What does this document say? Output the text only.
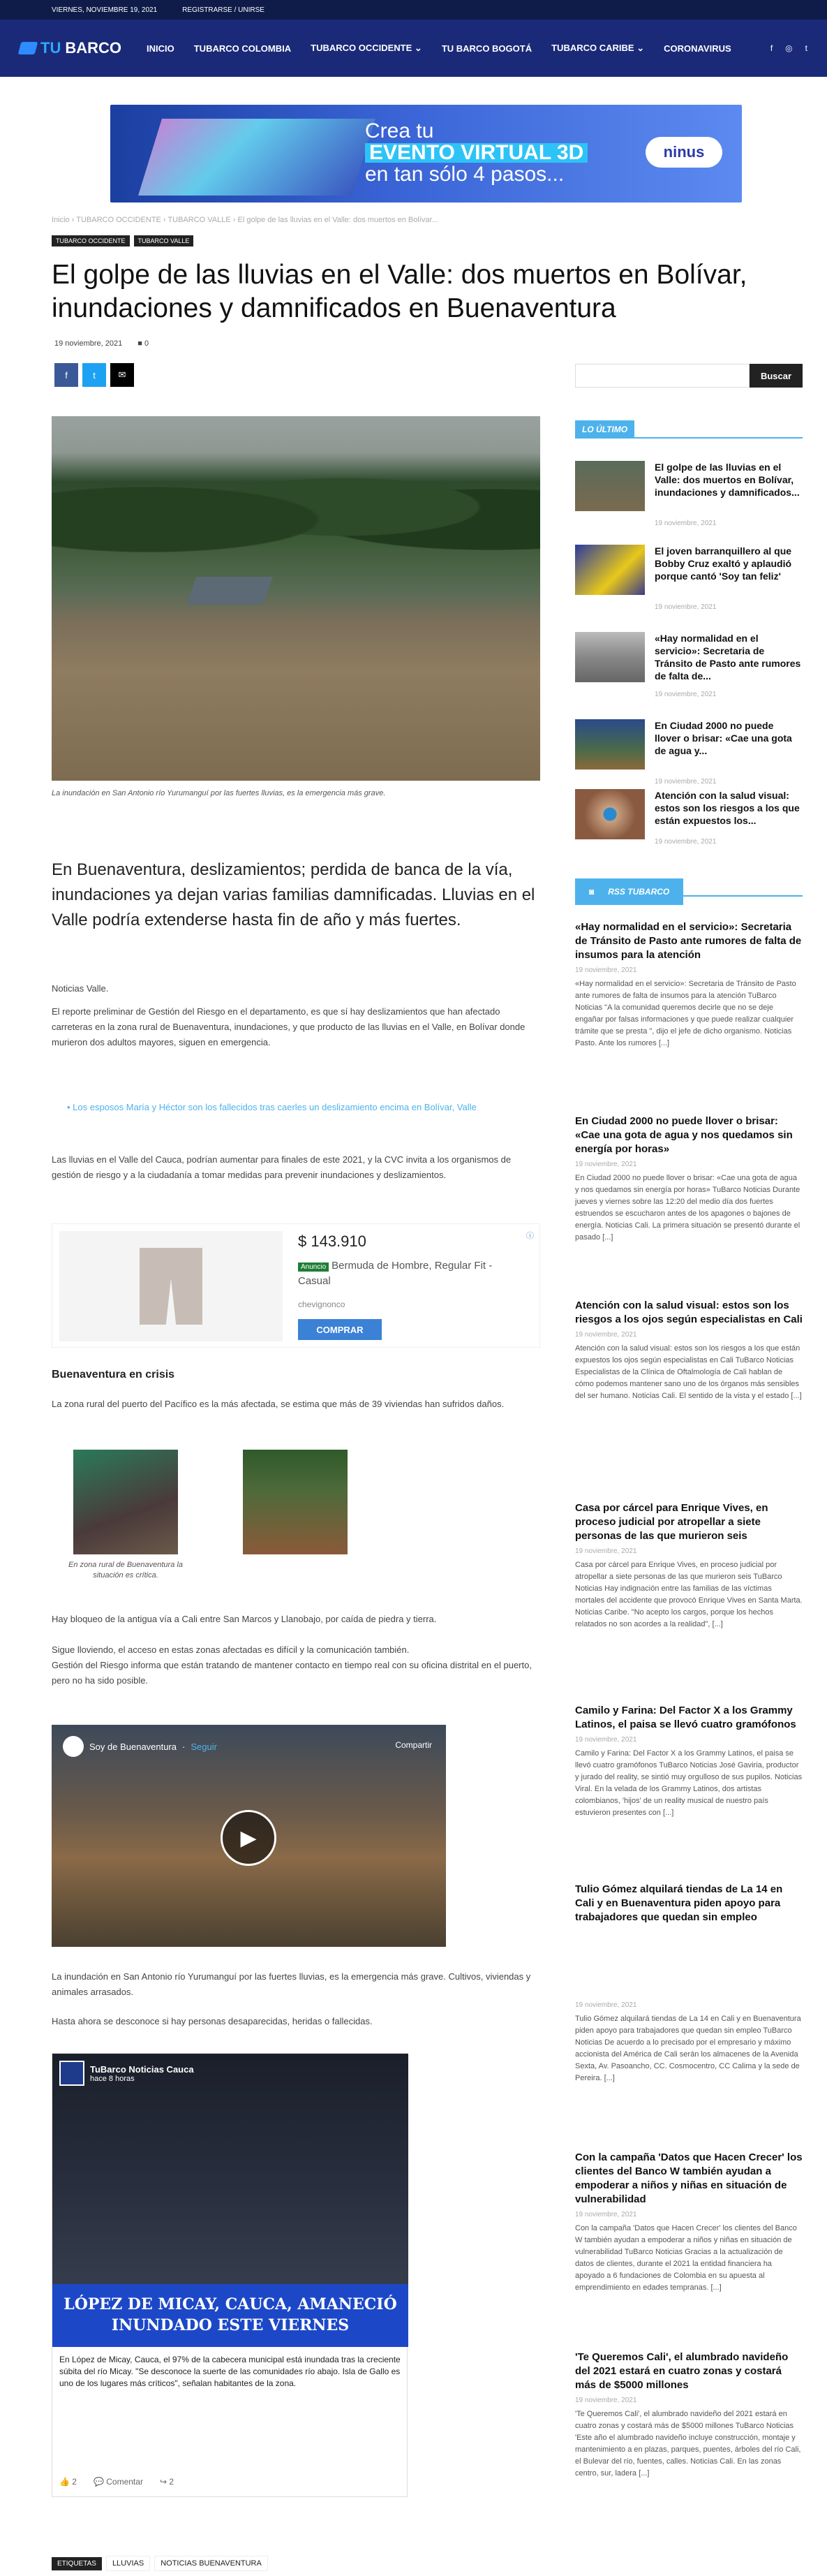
VIERNES, NOVIEMBRE 19, 2021	REGISTRARSE / UNIRSE
TU BARCO	INICIO	TUBARCO COLOMBIA	TUBARCO OCCIDENTE ⌄	TU BARCO BOGOTÁ	TUBARCO CARIBE ⌄	CORONAVIRUS	f ◎ t
Crea tu
EVENTO VIRTUAL 3D
en tan sólo 4 pasos...
ninus
Inicio › TUBARCO OCCIDENTE › TUBARCO VALLE › El golpe de las lluvias en el Valle: dos muertos en Bolívar...
TUBARCO OCCIDENTE	TUBARCO VALLE
El golpe de las lluvias en el Valle: dos muertos en Bolívar, inundaciones y damnificados en Buenaventura
19 noviembre, 2021 ■ 0
f	t	✉
La inundación en San Antonio río Yurumanguí por las fuertes lluvias, es la emergencia más grave.
En Buenaventura, deslizamientos; perdida de banca de la vía, inundaciones ya dejan varias familias damnificadas. Lluvias en el Valle podría extenderse hasta fin de año y más fuertes.
Noticias Valle.
El reporte preliminar de Gestión del Riesgo en el departamento, es que sí hay deslizamientos que han afectado carreteras en la zona rural de Buenaventura, inundaciones, y que producto de las lluvias en el Valle, en Bolívar donde murieron dos adultos mayores, siguen en emergencia.
• Los esposos María y Héctor son los fallecidos tras caerles un deslizamiento encima en Bolívar, Valle
Las lluvias en el Valle del Cauca, podrían aumentar para finales de este 2021, y la CVC invita a los organismos de gestión de riesgo y a la ciudadanía a tomar medidas para prevenir inundaciones y deslizamientos.
$ 143.910
Anuncio Bermuda de Hombre, Regular Fit - Casual
chevignonco
COMPRAR
ⓘ
Buenaventura en crisis
La zona rural del puerto del Pacífico es la más afectada, se estima que más de 39 viviendas han sufridos daños.
En zona rural de Buenaventura la situación es crítica.
Hay bloqueo de la antigua vía a Cali entre San Marcos y Llanobajo, por caída de piedra y tierra.
Sigue lloviendo, el acceso en estas zonas afectadas es difícil y la comunicación también.
Gestión del Riesgo informa que están tratando de mantener contacto en tiempo real con su oficina distrital en el puerto, pero no ha sido posible.
Soy de Buenaventura · Seguir	Compartir
▶
La inundación en San Antonio río Yurumanguí por las fuertes lluvias, es la emergencia más grave. Cultivos, viviendas y animales arrasados.
Hasta ahora se desconoce si hay personas desaparecidas, heridas o fallecidas.
TuBarco Noticias Cauca
hace 8 horas
LÓPEZ DE MICAY, CAUCA, AMANECIÓ INUNDADO ESTE VIERNES
En López de Micay, Cauca, el 97% de la cabecera municipal está inundada tras la creciente súbita del río Micay. "Se desconoce la suerte de las comunidades río abajo. Isla de Gallo es uno de los lugares más críticos", señalan habitantes de la zona.
👍 2 💬 Comentar ↪ 2
ETIQUETAS	LLUVIAS	NOTICIAS BUENAVENTURA
Buscar
LO ÚLTIMO
El golpe de las lluvias en el Valle: dos muertos en Bolívar, inundaciones y damnificados...
19 noviembre, 2021
El joven barranquillero al que Bobby Cruz exaltó y aplaudió porque cantó 'Soy tan feliz'
19 noviembre, 2021
«Hay normalidad en el servicio»: Secretaria de Tránsito de Pasto ante rumores de falta de...
19 noviembre, 2021
En Ciudad 2000 no puede llover o brisar: «Cae una gota de agua y...
19 noviembre, 2021
Atención con la salud visual: estos son los riesgos a los que están expuestos los...
19 noviembre, 2021
◙RSS TUBARCO
«Hay normalidad en el servicio»: Secretaria de Tránsito de Pasto ante rumores de falta de insumos para la atención
19 noviembre, 2021
«Hay normalidad en el servicio»: Secretaria de Tránsito de Pasto ante rumores de falta de insumos para la atención TuBarco Noticias "A la comunidad queremos decirle que no se deje engañar por falsas informaciones y que puede realizar cualquier trámite que se presta ", dijo el jefe de dicho organismo. Noticias Pasto. Ante los rumores [...]
En Ciudad 2000 no puede llover o brisar: «Cae una gota de agua y nos quedamos sin energía por horas»
19 noviembre, 2021
En Ciudad 2000 no puede llover o brisar: «Cae una gota de agua y nos quedamos sin energía por horas» TuBarco Noticias Durante jueves y viernes sobre las 12:20 del medio día dos fuertes estruendos se escucharon antes de los apagones o bajones de energía. Noticias Cali. La primera situación se presentó durante el pasado [...]
Atención con la salud visual: estos son los riesgos a los ojos según especialistas en Cali
19 noviembre, 2021
Atención con la salud visual: estos son los riesgos a los que están expuestos los ojos según especialistas en Cali TuBarco Noticias Especialistas de la Clínica de Oftalmología de Cali hablan de cómo podemos mantener sano uno de los órganos más sensibles del ser humano. Noticias Cali. El sentido de la vista y el estado [...]
Casa por cárcel para Enrique Vives, en proceso judicial por atropellar a siete personas de las que murieron seis
19 noviembre, 2021
Casa por cárcel para Enrique Vives, en proceso judicial por atropellar a siete personas de las que murieron seis TuBarco Noticias Hay indignación entre las familias de las víctimas mortales del accidente que provocó Enrique Vives en Santa Marta. Noticias Caribe. "No acepto los cargos, porque los hechos relatados no son acordes a la realidad", [...]
Camilo y Farina: Del Factor X a los Grammy Latinos, el paisa se llevó cuatro gramófonos
19 noviembre, 2021
Camilo y Farina: Del Factor X a los Grammy Latinos, el paisa se llevó cuatro gramófonos TuBarco Noticias José Gaviria, productor y jurado del reality, se sintió muy orgulloso de sus pupilos. Noticias Viral. En la velada de los Grammy Latinos, dos artistas colombianos, 'hijos' de un reality musical de nuestro país estuvieron presentes con [...]
Tulio Gómez alquilará tiendas de La 14 en Cali y en Buenaventura piden apoyo para trabajadores que quedan sin empleo
19 noviembre, 2021
Tulio Gómez alquilará tiendas de La 14 en Cali y en Buenaventura piden apoyo para trabajadores que quedan sin empleo TuBarco Noticias De acuerdo a lo precisado por el empresario y máximo accionista del América de Cali serán los almacenes de la Avenida Sexta, Av. Pasoancho, CC. Cosmocentro, CC Calima y la sede de Pereira. [...]
Con la campaña 'Datos que Hacen Crecer' los clientes del Banco W también ayudan a empoderar a niños y niñas en situación de vulnerabilidad
19 noviembre, 2021
Con la campaña 'Datos que Hacen Crecer' los clientes del Banco W también ayudan a empoderar a niños y niñas en situación de vulnerabilidad TuBarco Noticias Gracias a la actualización de datos de clientes, durante el 2021 la entidad financiera ha apoyado a 6 fundaciones de Colombia en su apuesta al emprendimiento en edades tempranas. [...]
'Te Queremos Cali', el alumbrado navideño del 2021 estará en cuatro zonas y costará más de $5000 millones
19 noviembre, 2021
'Te Queremos Cali', el alumbrado navideño del 2021 estará en cuatro zonas y costará más de $5000 millones TuBarco Noticias 'Este año el alumbrado navideño incluye construcción, montaje y mantenimiento a en plazas, parques, puentes, árboles del río Cali, el Bulevar del río, fuentes, calles. Noticias Cali. En las zonas centro, sur, ladera [...]
